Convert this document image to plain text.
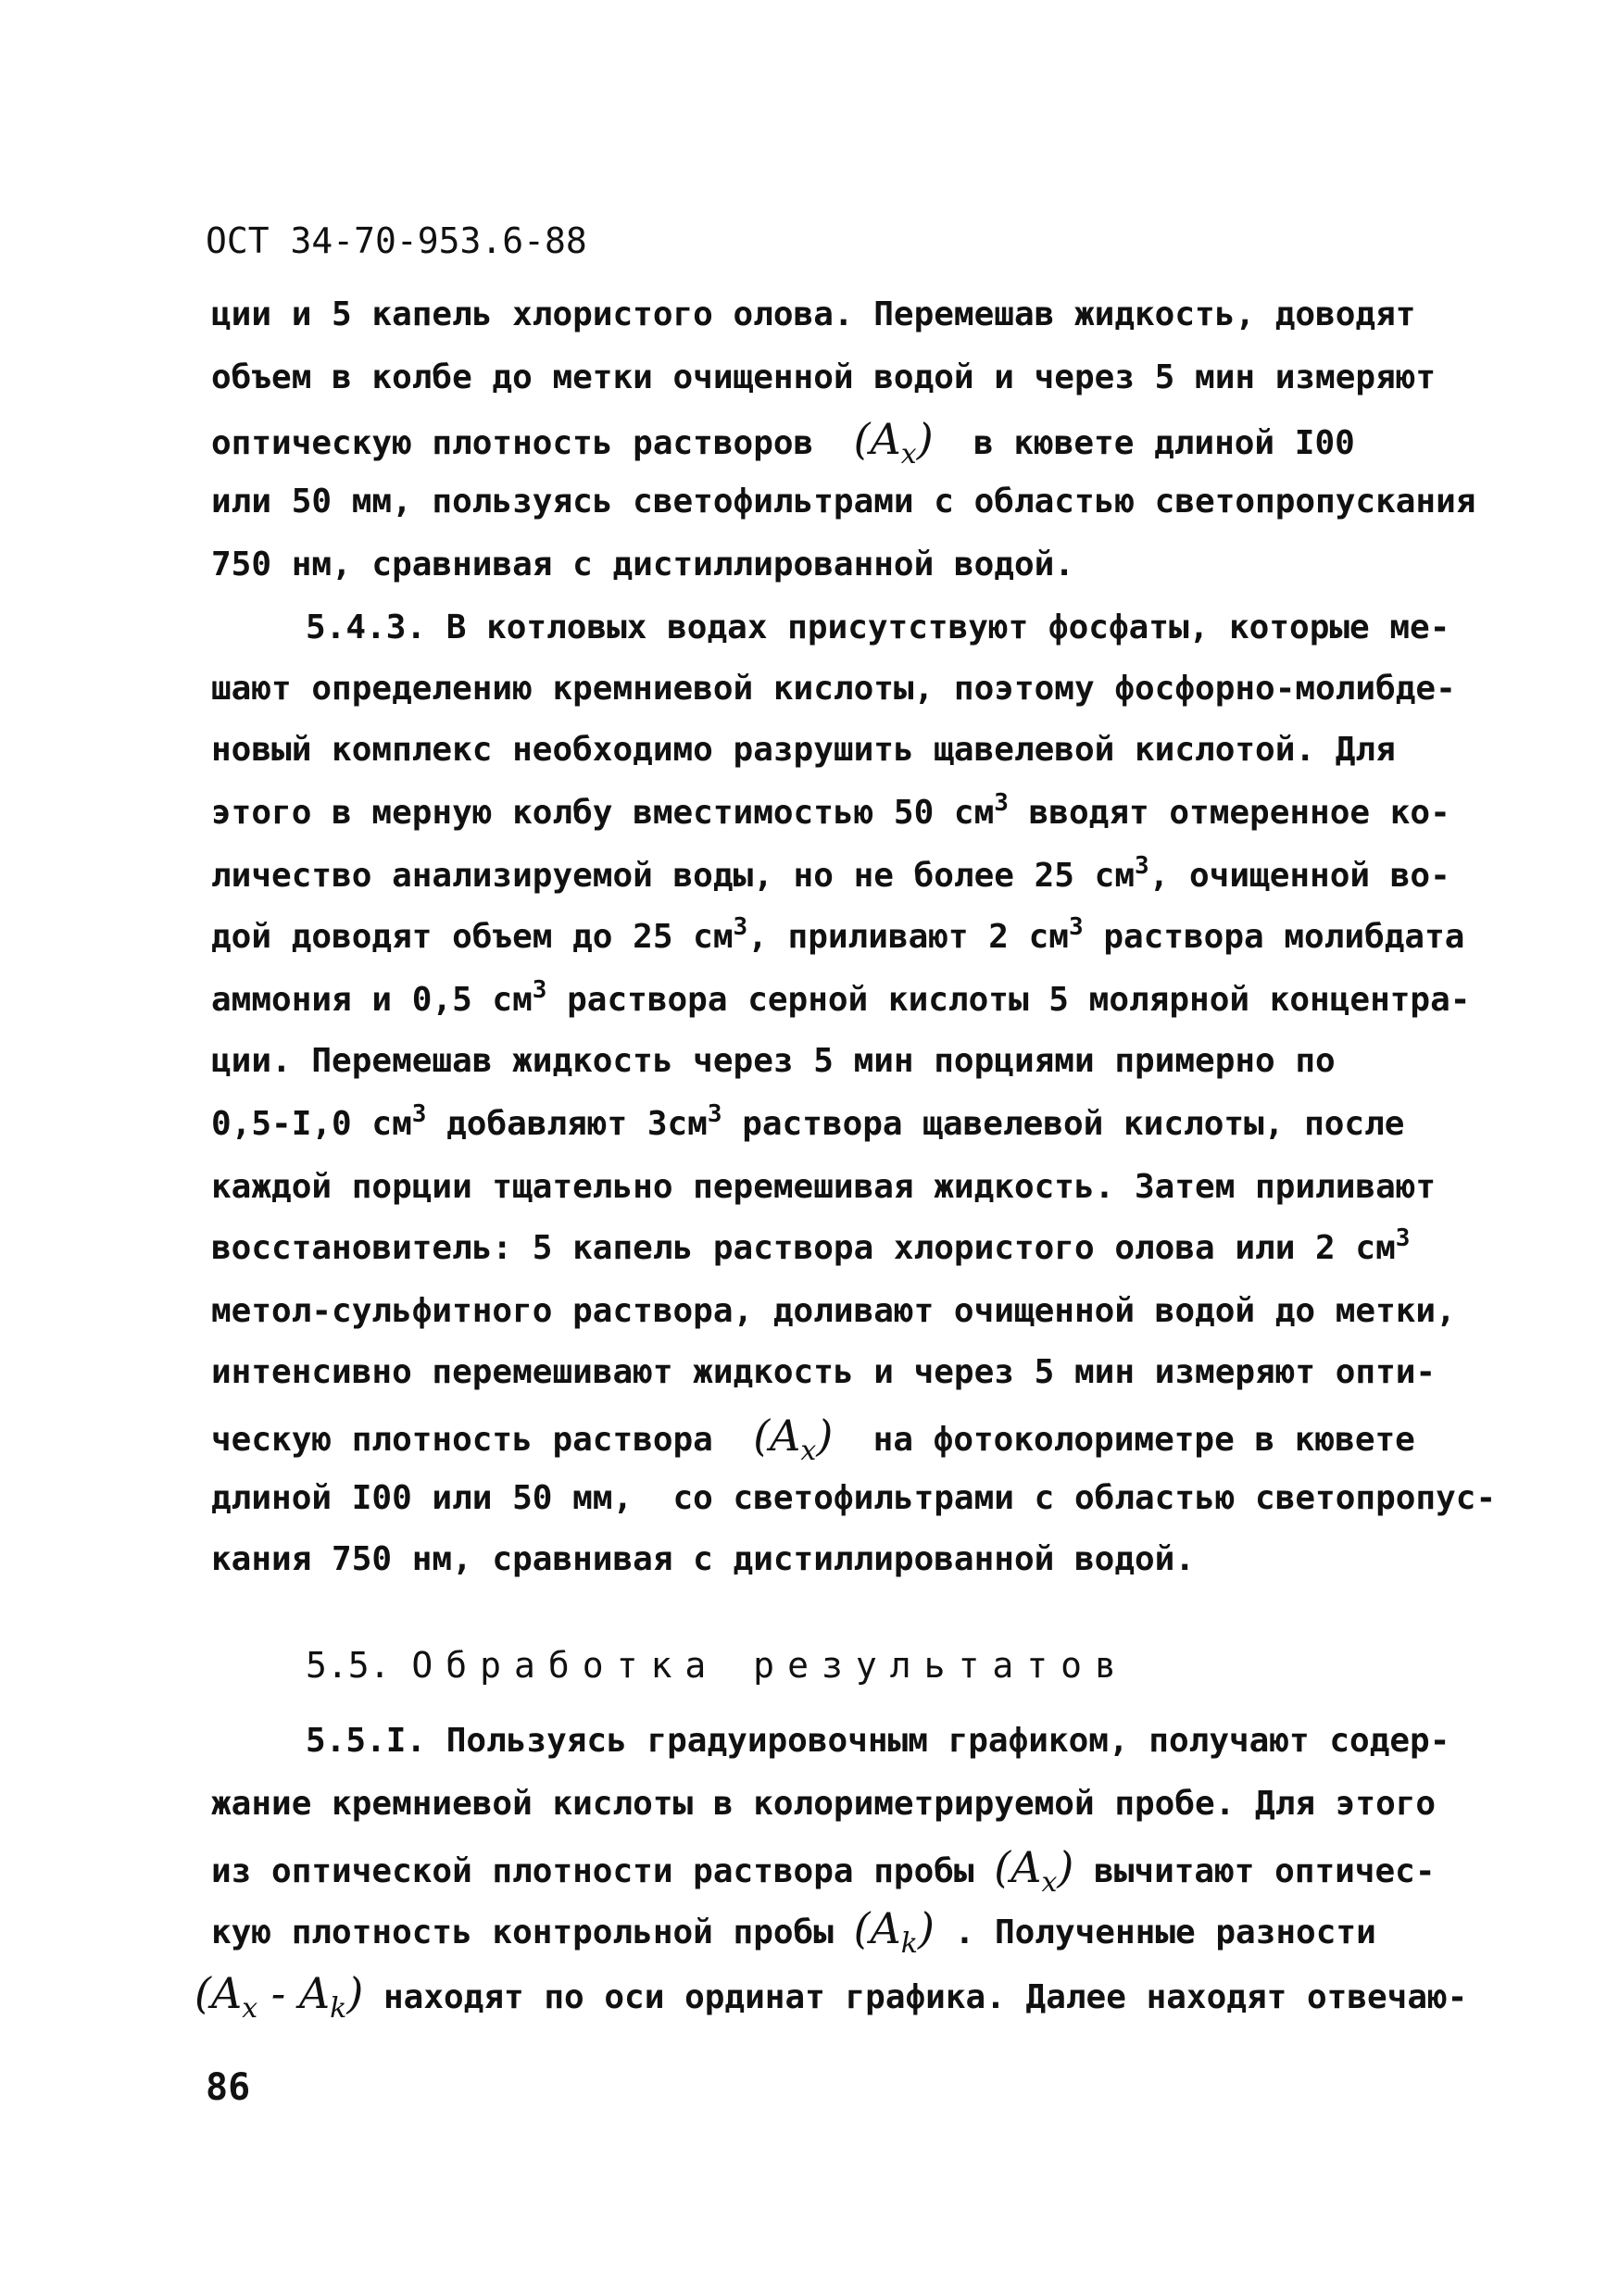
ОСТ 34-70-953.6-88
ции и 5 капель хлористого олова. Перемешав жидкость, доводят
объем в колбе до метки очищенной водой и через 5 мин измеряют
оптическую плотность растворов $(A_x)$ в кювете длиной I00
или 50 мм, пользуясь светофильтрами с областью светопропускания
750 нм, сравнивая с дистиллированной водой.
5.4.3. В котловых водах присутствуют фосфаты, которые ме-
шают определению кремниевой кислоты, поэтому фосфорно-молибде-
новый комплекс необходимо разрушить щавелевой кислотой. Для
этого в мерную колбу вместимостью 50 $см^3$ вводят отмеренное ко-
личество анализируемой воды, но не более 25 $см^3$, очищенной во-
дой доводят объем до 25 $см^3$, приливают 2 $см^3$ раствора молибдата
аммония и 0,5 $см^3$ раствора серной кислоты 5 молярной концентра-
ции. Перемешав жидкость через 5 мин порциями примерно по
0,5-I,0 $см^3$ добавляют $3см^3$ раствора щавелевой кислоты, после
каждой порции тщательно перемешивая жидкость. Затем приливают
восстановитель: 5 капель раствора хлористого олова или 2 $см^3$
метол-сульфитного раствора, доливают очищенной водой до метки,
интенсивно перемешивают жидкость и через 5 мин измеряют опти-
ческую плотность раствора $(A_x)$ на фотоколориметре в кювете
длиной I00 или 50 мм,  со светофильтрами с областью светопропус-
кания 750 нм, сравнивая с дистиллированной водой.
5.5. Обработка результатов
5.5.I. Пользуясь градуировочным графиком, получают содер-
жание кремниевой кислоты в колориметрируемой пробе. Для этого
из оптической плотности раствора пробы $(A_x)$ вычитают оптичес-
кую плотность контрольной пробы $(A_k)$ . Полученные разности
$(A_x - A_k)$ находят по оси ординат графика. Далее находят отвечаю-
86
